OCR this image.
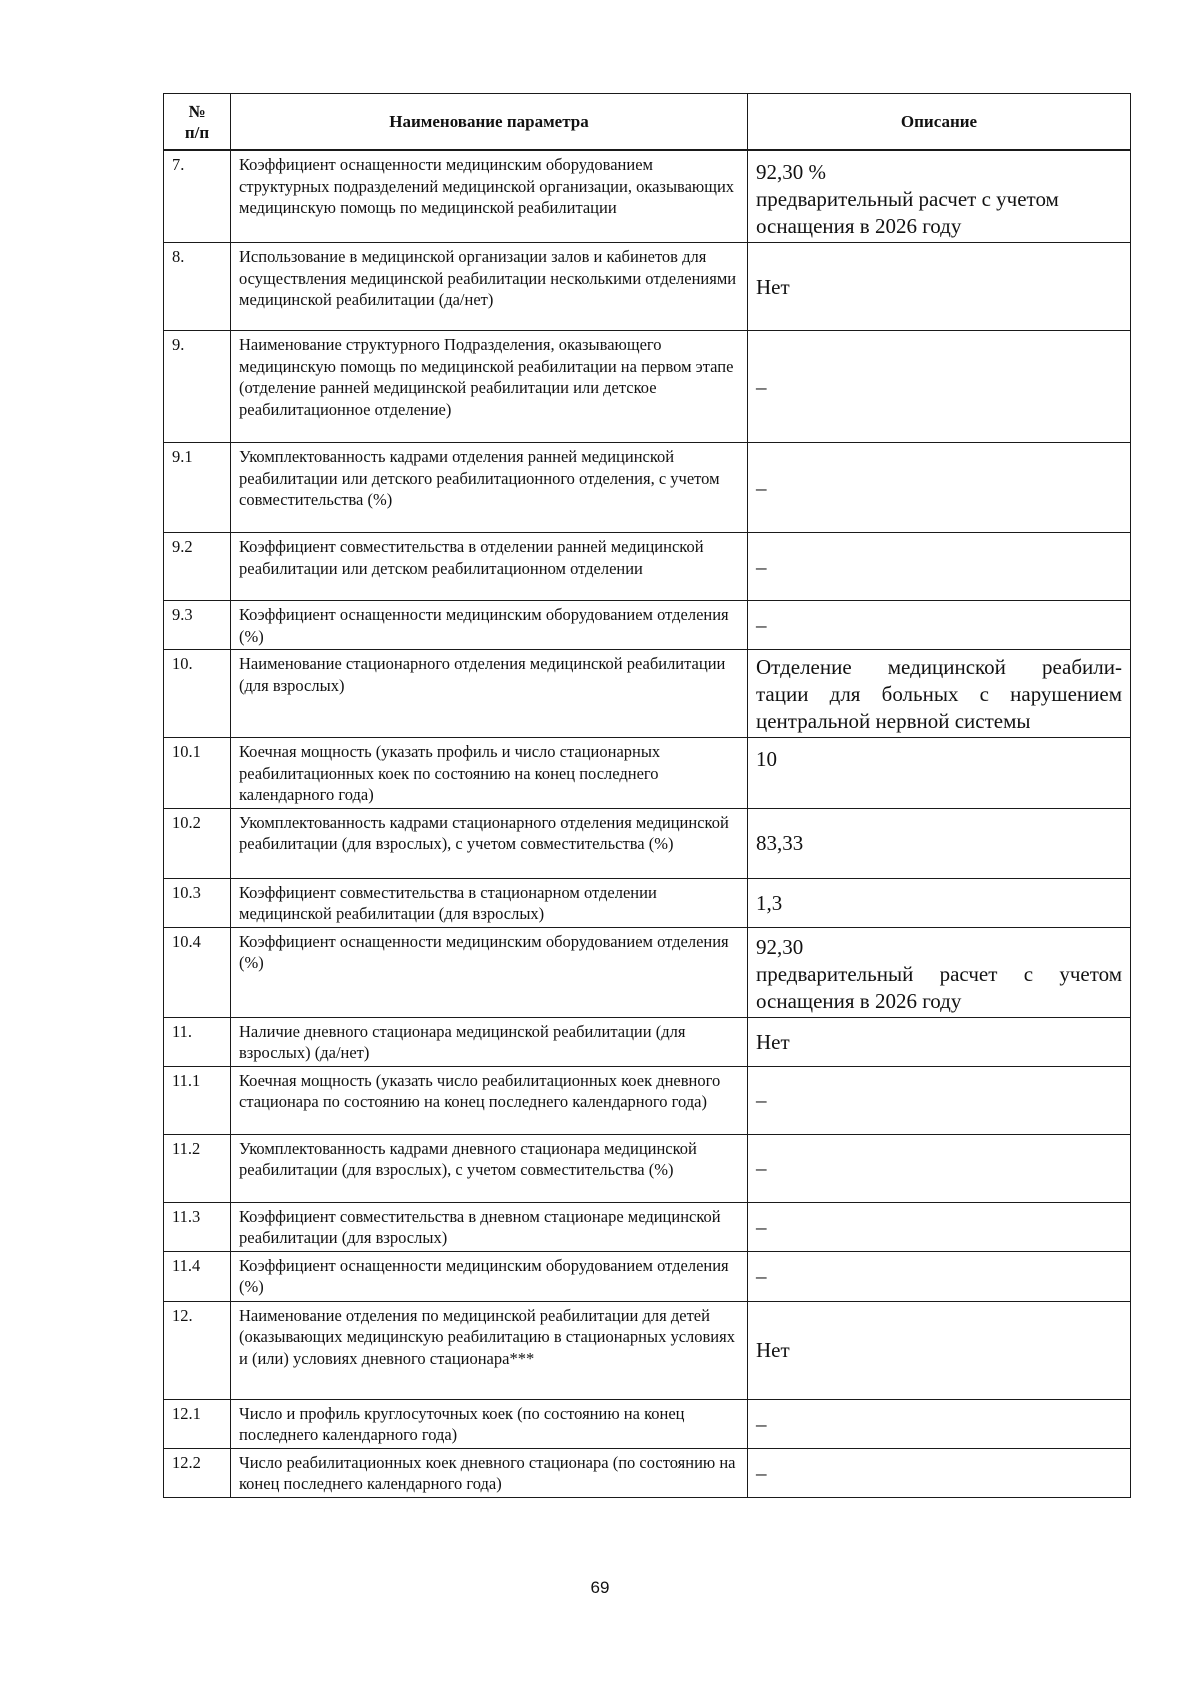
№
п/п	Наименование параметра	Описание
7.	Коэффициент оснащенности медицинским оборудованием структурных подразделений медицинской организации, оказывающих медицинскую помощь по медицинской реабилитации	92,30 %
предварительный расчет с учетом
оснащения в 2026 году

8.	Использование в медицинской организации залов и кабинетов для осуществления медицинской реабилитации несколькими отделениями медицинской реабилитации (да/нет)	Нет

9.	Наименование структурного Подразделения, оказывающего медицинскую помощь по медицинской реабилитации на первом этапе (отделение ранней медицинской реабилитации или детское реабилитационное отделение)	–

9.1	Укомплектованность кадрами отделения ранней медицинской реабилитации или детского реабилитационного отделения, с учетом совместительства (%)	–

9.2	Коэффициент совместительства в отделении ранней медицинской реабилитации или детском реабилитационном отделении	–

9.3	Коэффициент оснащенности медицинским оборудованием отделения (%)	–

10.	Наименование стационарного отделения медицинской реабилитации (для взрослых)	Отделение медицинской реабили-
тации для больных с нарушением
центральной нервной системы

10.1	Коечная мощность (указать профиль и число стационарных реабилитационных коек по состоянию на конец последнего календарного года)	10

10.2	Укомплектованность кадрами стационарного отделения медицинской реабилитации (для взрослых), с учетом совместительства (%)	83,33

10.3	Коэффициент совместительства в стационарном отделении медицинской реабилитации (для взрослых)	1,3

10.4	Коэффициент оснащенности медицинским оборудованием отделения (%)	92,30
предварительный расчет с учетом
оснащения в 2026 году

11.	Наличие дневного стационара медицинской реабилитации (для взрослых) (да/нет)	Нет

11.1	Коечная мощность (указать число реабилитационных коек дневного стационара по состоянию на конец последнего календарного года)	–

11.2	Укомплектованность кадрами дневного стационара медицинской реабилитации (для взрослых), с учетом совместительства (%)	–

11.3	Коэффициент совместительства в дневном стационаре медицинской реабилитации (для взрослых)	–

11.4	Коэффициент оснащенности медицинским оборудованием отделения (%)	–

12.	Наименование отделения по медицинской реабилитации для детей (оказывающих медицинскую реабилитацию в стационарных условиях и (или) условиях дневного стационара***	Нет

12.1	Число и профиль круглосуточных коек (по состоянию на конец последнего календарного года)	–

12.2	Число реабилитационных коек дневного стационара (по состоянию на конец последнего календарного года)	–
69
